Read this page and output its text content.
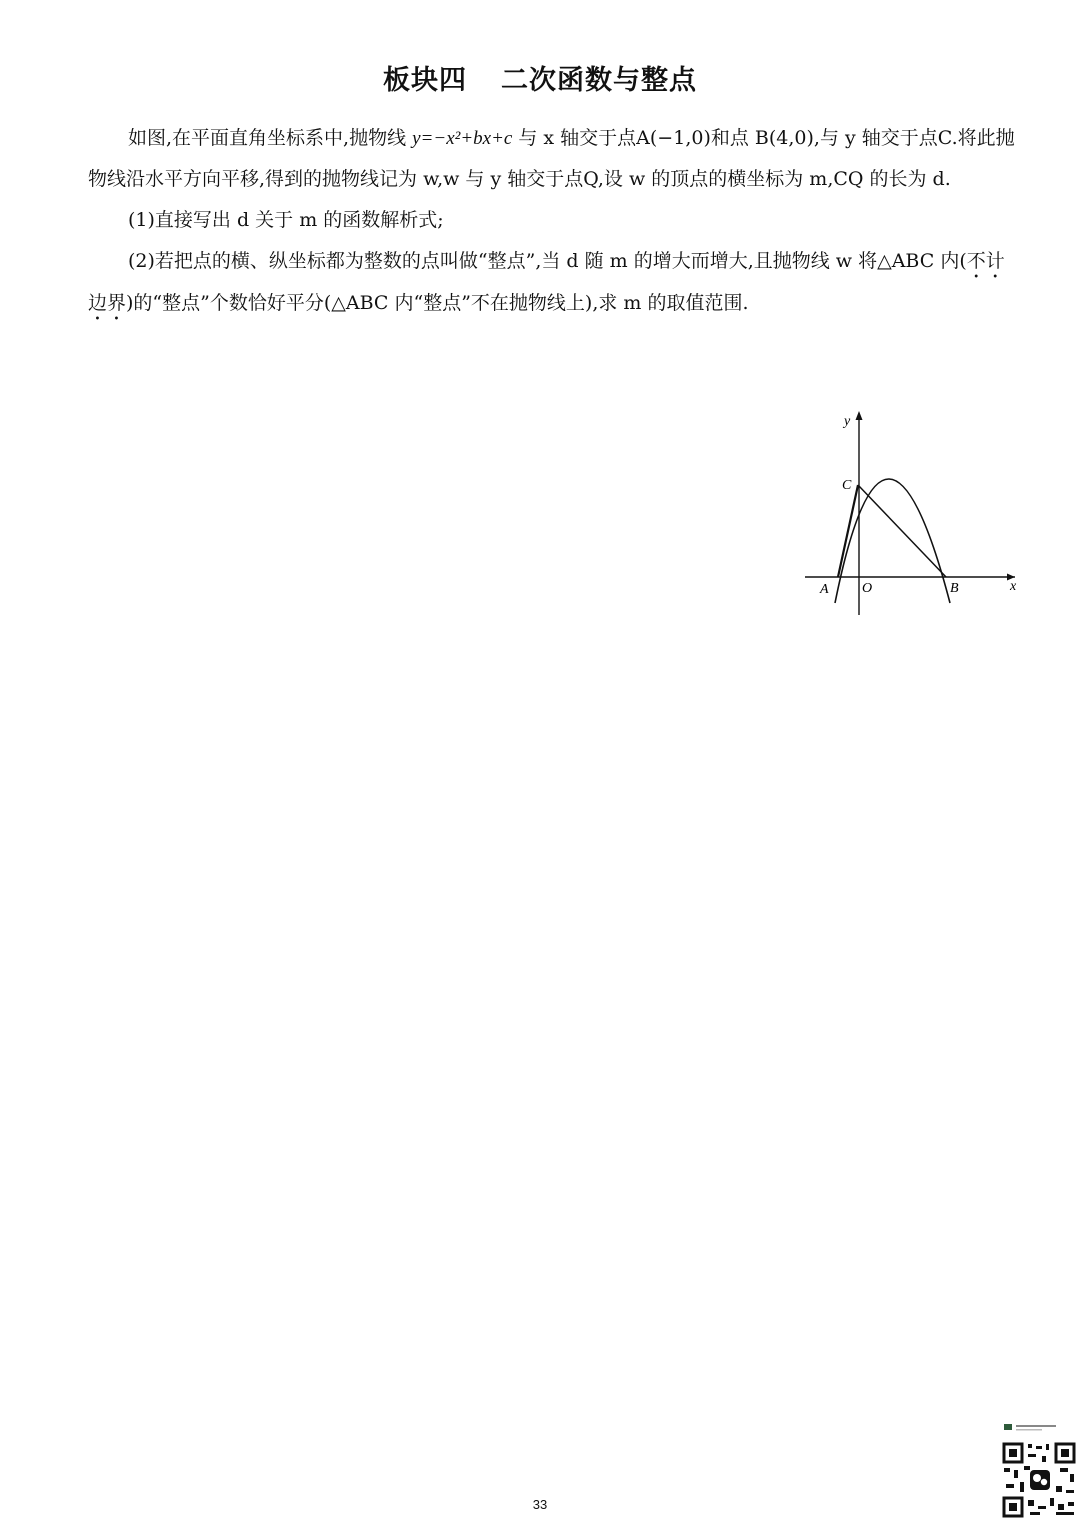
板块四 二次函数与整点

如图,在平面直角坐标系中,抛物线 y=−x²+bx+c 与 x 轴交于点A(−1,0)和点 B(4,0),与 y 轴交于点C.将此抛物线沿水平方向平移,得到的抛物线记为 w,w 与 y 轴交于点Q,设 w 的顶点的横坐标为 m,CQ 的长为 d.

(1)直接写出 d 关于 m 的函数解析式;

(2)若把点的横、纵坐标都为整数的点叫做“整点”,当 d 随 m 的增大而增大,且抛物线 w 将△ABC 内(不计边界)的“整点”个数恰好平分(△ABC 内“整点”不在抛物线上),求 m 的取值范围.

y
x
A O	B
C
33
